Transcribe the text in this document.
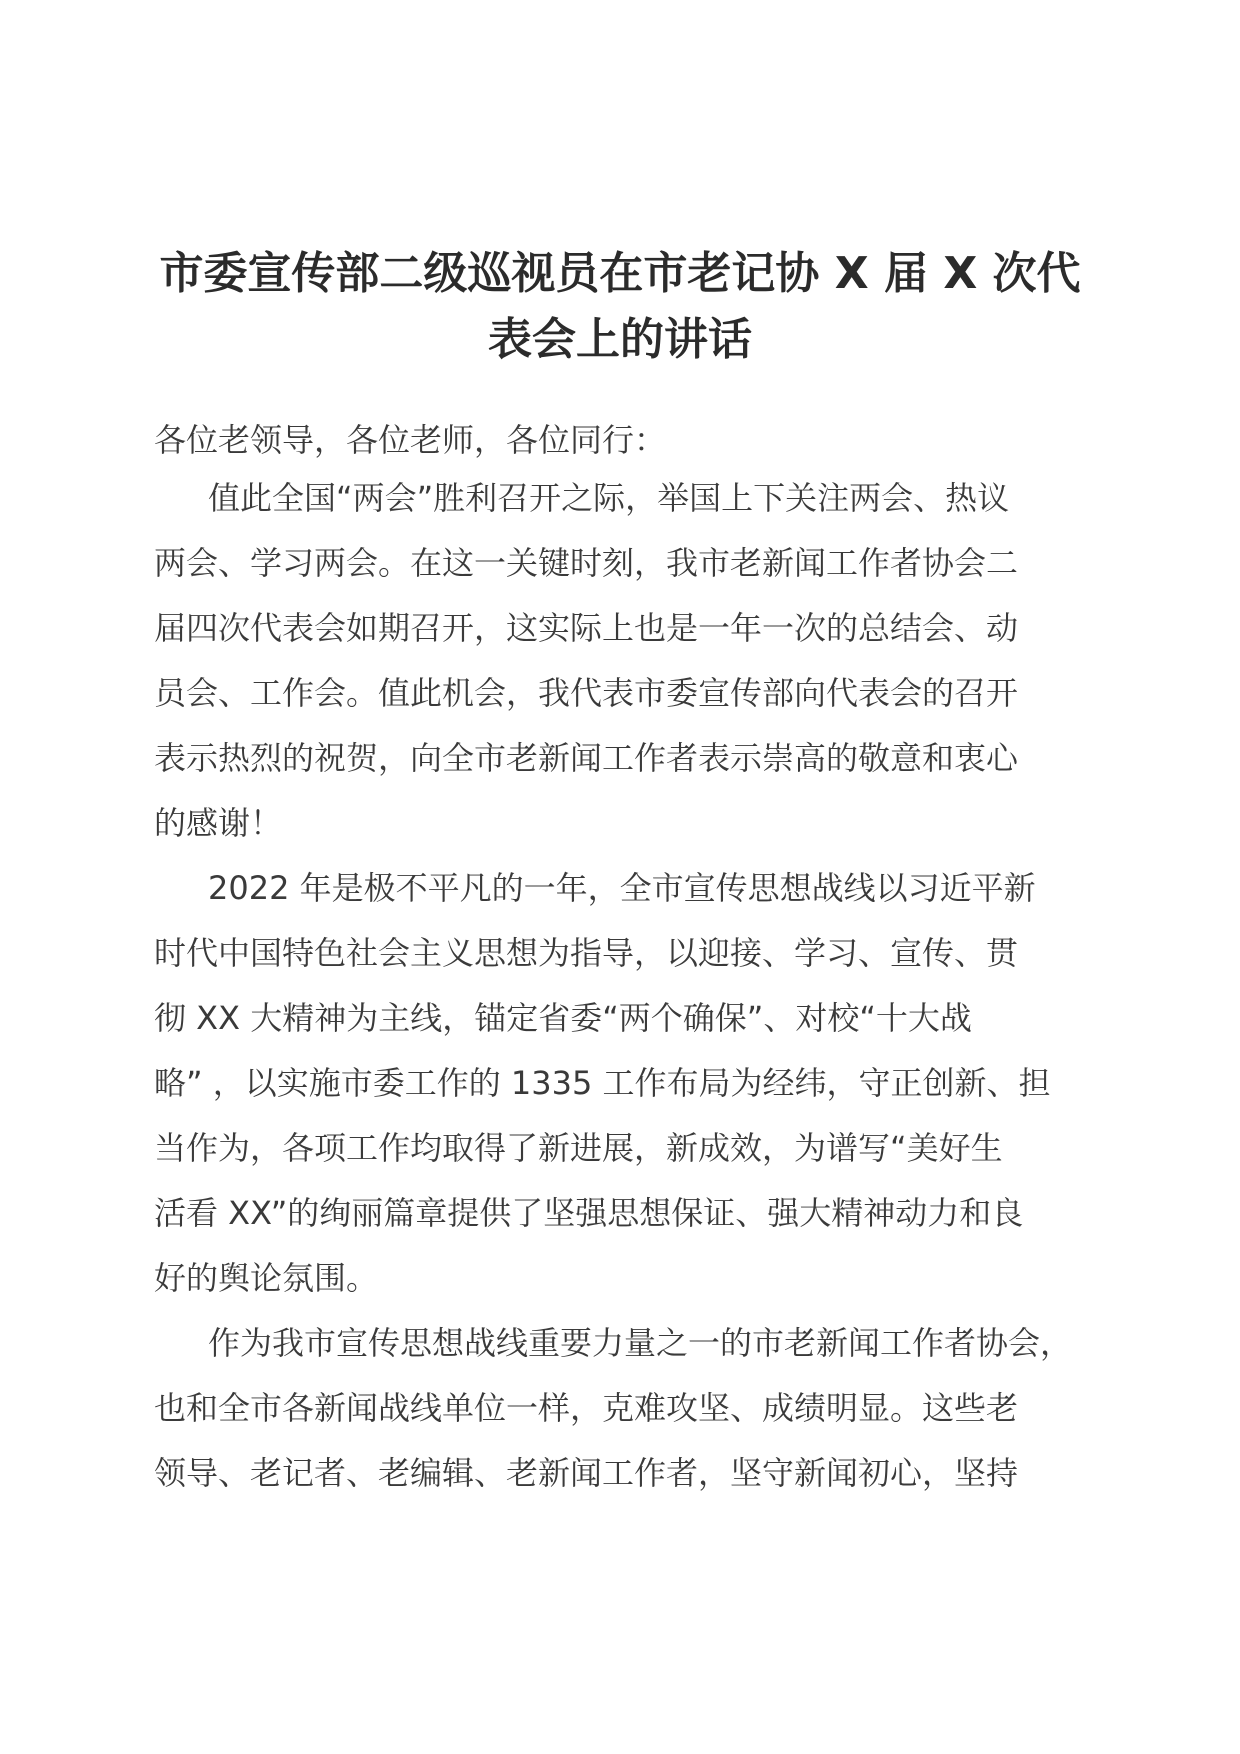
市委宣传部二级巡视员在市老记协 X 届 X 次代
表会上的讲话
各位老领导，各位老师，各位同行：
值此全国“两会”胜利召开之际，举国上下关注两会、热议
两会、学习两会。在这一关键时刻，我市老新闻工作者协会二
届四次代表会如期召开，这实际上也是一年一次的总结会、动
员会、工作会。值此机会，我代表市委宣传部向代表会的召开
表示热烈的祝贺，向全市老新闻工作者表示崇高的敬意和衷心
的感谢！
2022 年是极不平凡的一年，全市宣传思想战线以习近平新
时代中国特色社会主义思想为指导，以迎接、学习、宣传、贯
彻 XX 大精神为主线，锚定省委“两个确保”、对校“十大战
略” ，以实施市委工作的 1335 工作布局为经纬，守正创新、担
当作为，各项工作均取得了新进展，新成效，为谱写“美好生
活看 XX”的绚丽篇章提供了坚强思想保证、强大精神动力和良
好的舆论氛围。
作为我市宣传思想战线重要力量之一的市老新闻工作者协会，
也和全市各新闻战线单位一样，克难攻坚、成绩明显。这些老
领导、老记者、老编辑、老新闻工作者，坚守新闻初心，坚持
